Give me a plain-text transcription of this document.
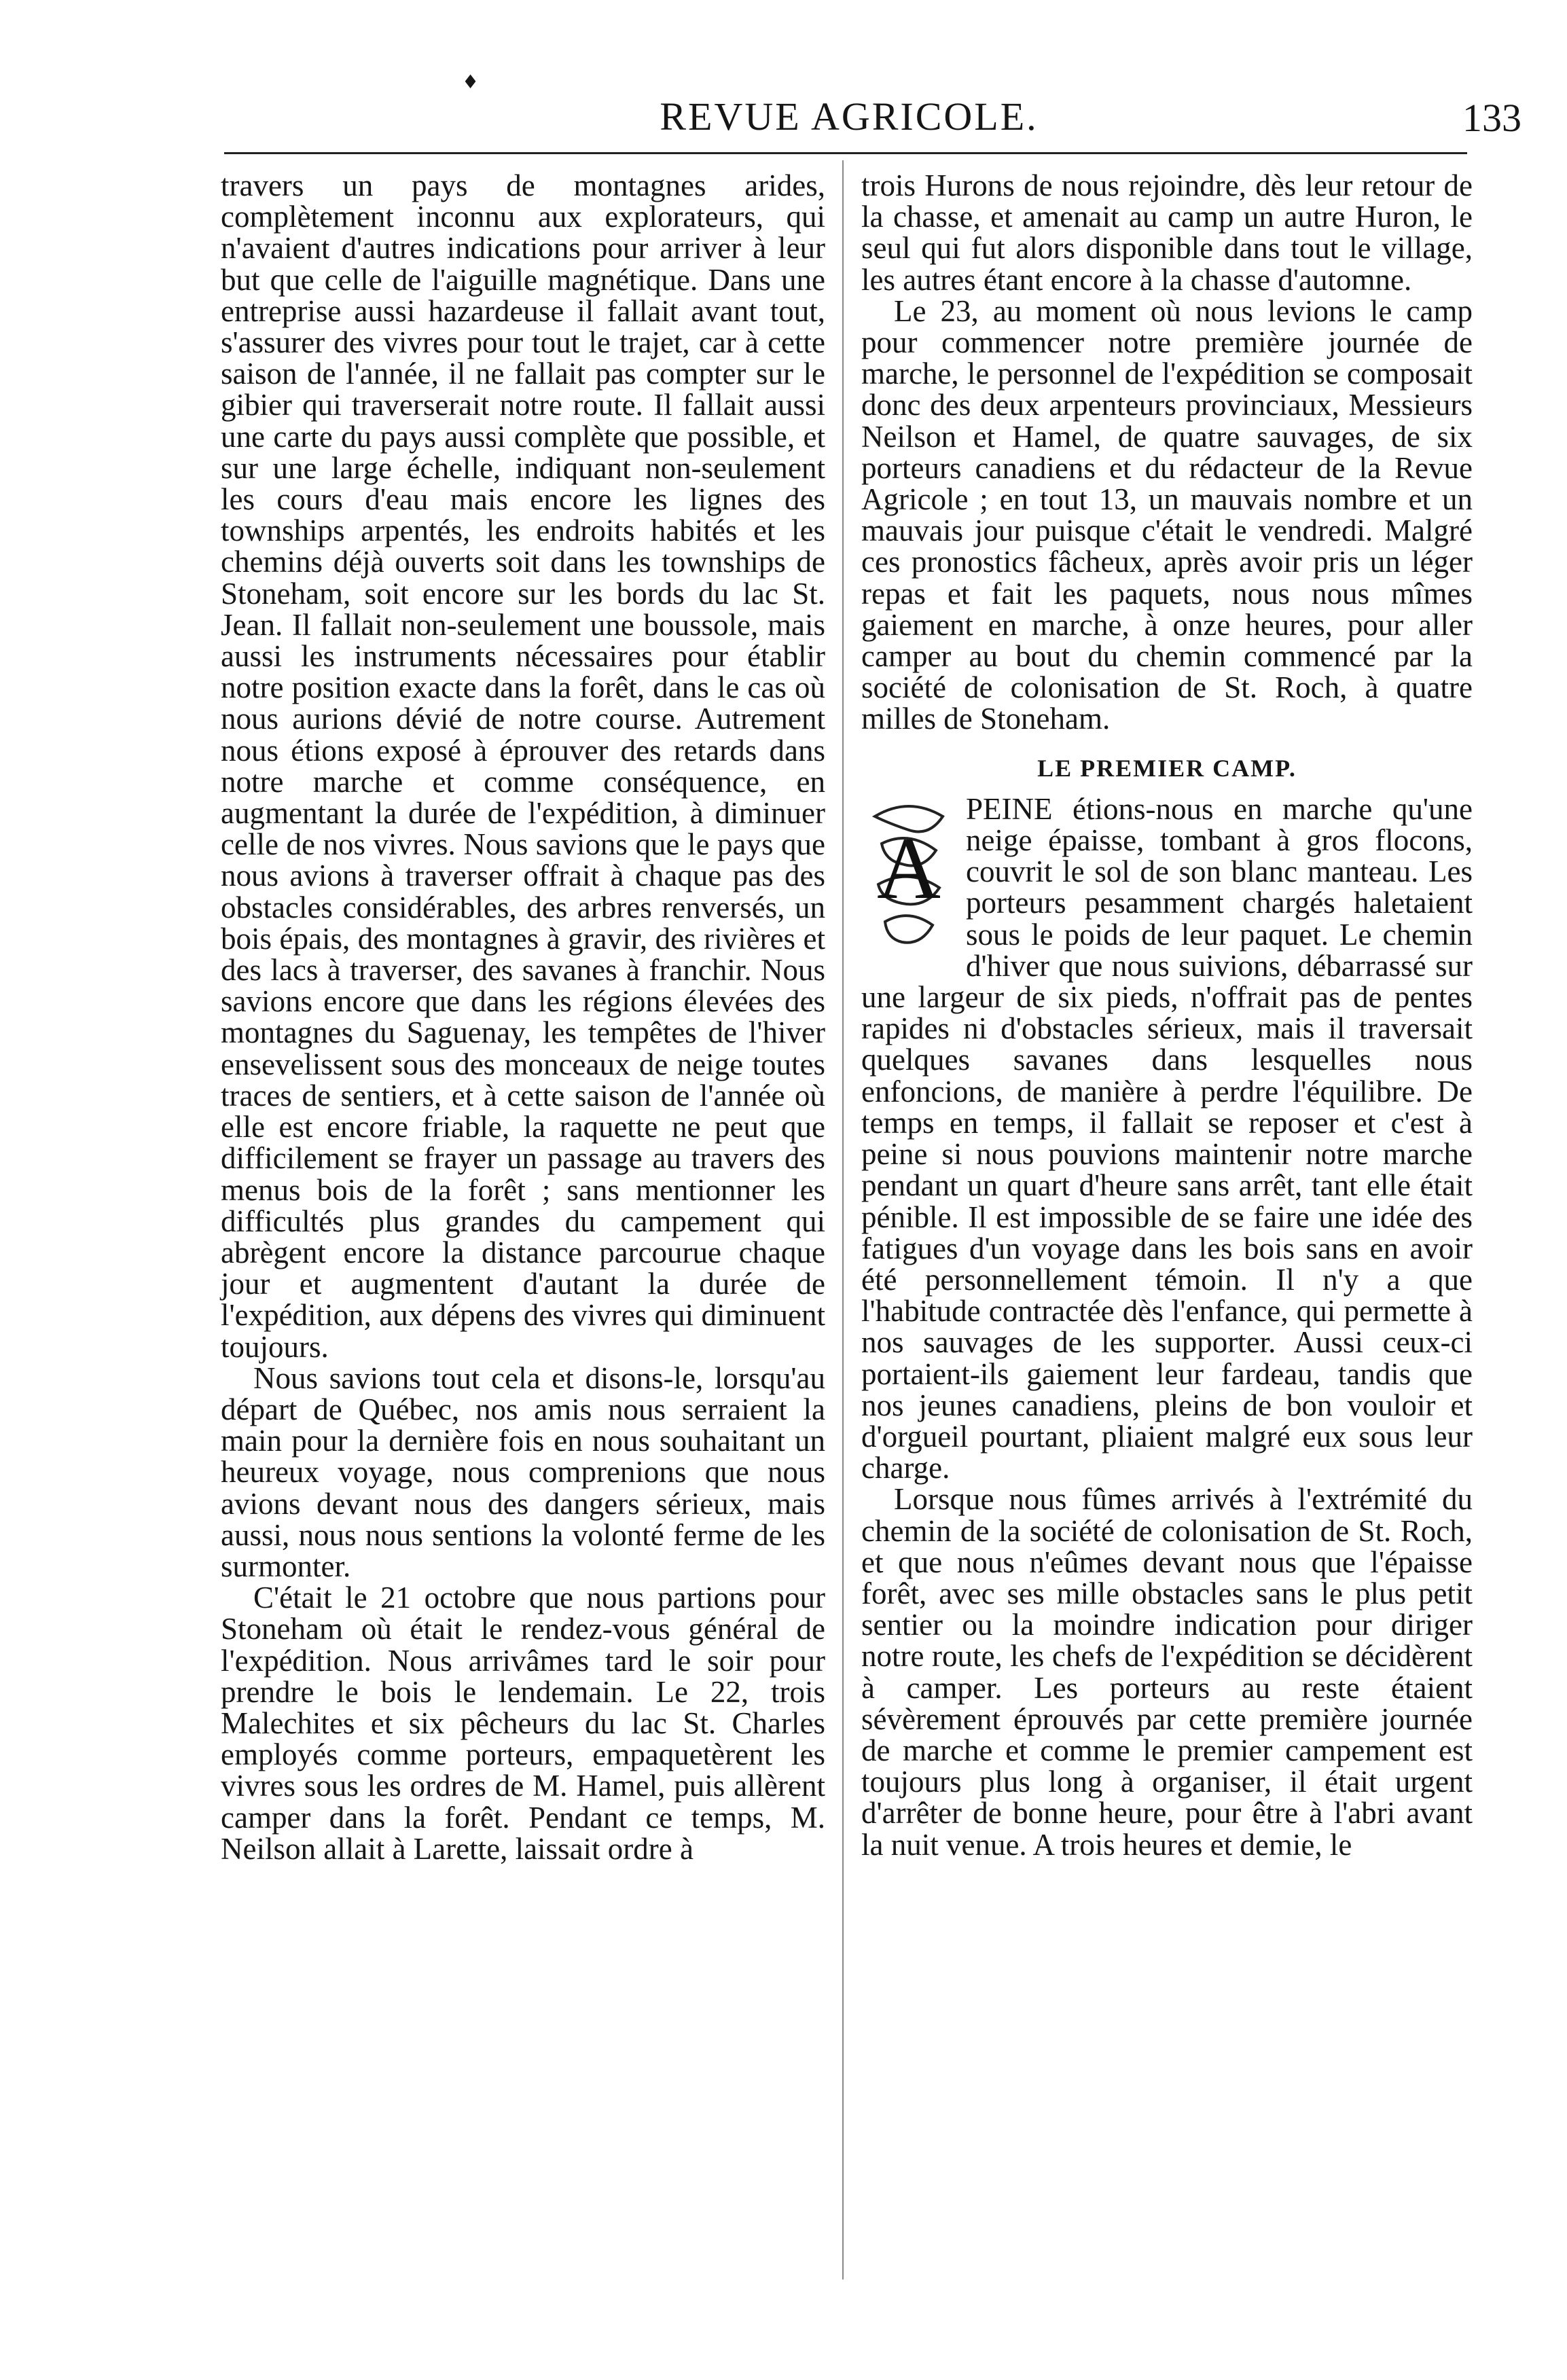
♦
REVUE AGRICOLE.	133

travers un pays de montagnes arides, complètement inconnu aux explorateurs, qui n'avaient d'autres indications pour arriver à leur but que celle de l'aiguille magnétique. Dans une entreprise aussi hazardeuse il fallait avant tout, s'assurer des vivres pour tout le trajet, car à cette saison de l'année, il ne fallait pas compter sur le gibier qui traverserait notre route. Il fallait aussi une carte du pays aussi complète que possible, et sur une large échelle, indiquant non-seulement les cours d'eau mais encore les lignes des townships arpentés, les endroits habités et les chemins déjà ouverts soit dans les townships de Stoneham, soit encore sur les bords du lac St. Jean. Il fallait non-seulement une boussole, mais aussi les instruments nécessaires pour établir notre position exacte dans la forêt, dans le cas où nous aurions dévié de notre course. Autrement nous étions exposé à éprouver des retards dans notre marche et comme conséquence, en augmentant la durée de l'expédition, à diminuer celle de nos vivres. Nous savions que le pays que nous avions à traverser offrait à chaque pas des obstacles considérables, des arbres renversés, un bois épais, des montagnes à gravir, des rivières et des lacs à traverser, des savanes à franchir. Nous savions encore que dans les régions élevées des montagnes du Saguenay, les tempêtes de l'hiver ensevelissent sous des monceaux de neige toutes traces de sentiers, et à cette saison de l'année où elle est encore friable, la raquette ne peut que difficilement se frayer un passage au travers des menus bois de la forêt ; sans mentionner les difficultés plus grandes du campement qui abrègent encore la distance parcourue chaque jour et augmentent d'autant la durée de l'expédition, aux dépens des vivres qui diminuent toujours.

Nous savions tout cela et disons-le, lorsqu'au départ de Québec, nos amis nous serraient la main pour la dernière fois en nous souhaitant un heureux voyage, nous comprenions que nous avions devant nous des dangers sérieux, mais aussi, nous nous sentions la volonté ferme de les surmonter.

C'était le 21 octobre que nous partions pour Stoneham où était le rendez-vous général de l'expédition. Nous arrivâmes tard le soir pour prendre le bois le lendemain. Le 22, trois Malechites et six pêcheurs du lac St. Charles employés comme porteurs, empaquetèrent les vivres sous les ordres de M. Hamel, puis allèrent camper dans la forêt. Pendant ce temps, M. Neilson allait à Larette, laissait ordre à

trois Hurons de nous rejoindre, dès leur retour de la chasse, et amenait au camp un autre Huron, le seul qui fut alors disponible dans tout le village, les autres étant encore à la chasse d'automne.

Le 23, au moment où nous levions le camp pour commencer notre première journée de marche, le personnel de l'expédition se composait donc des deux arpenteurs provinciaux, Messieurs Neilson et Hamel, de quatre sauvages, de six porteurs canadiens et du rédacteur de la Revue Agricole ; en tout 13, un mauvais nombre et un mauvais jour puisque c'était le vendredi. Malgré ces pronostics fâcheux, après avoir pris un léger repas et fait les paquets, nous nous mîmes gaiement en marche, à onze heures, pour aller camper au bout du chemin commencé par la société de colonisation de St. Roch, à quatre milles de Stoneham.

LE PREMIER CAMP.

A

PEINE étions-nous en marche qu'une neige épaisse, tombant à gros flocons, couvrit le sol de son blanc manteau. Les porteurs pesamment chargés haletaient sous le poids de leur paquet. Le chemin d'hiver que nous suivions, débarrassé sur une largeur de six pieds, n'offrait pas de pentes rapides ni d'obstacles sérieux, mais il traversait quelques savanes dans lesquelles nous enfoncions, de manière à perdre l'équilibre. De temps en temps, il fallait se reposer et c'est à peine si nous pouvions maintenir notre marche pendant un quart d'heure sans arrêt, tant elle était pénible. Il est impossible de se faire une idée des fatigues d'un voyage dans les bois sans en avoir été personnellement témoin. Il n'y a que l'habitude contractée dès l'enfance, qui permette à nos sauvages de les supporter. Aussi ceux-ci portaient-ils gaiement leur fardeau, tandis que nos jeunes canadiens, pleins de bon vouloir et d'orgueil pourtant, pliaient malgré eux sous leur charge.

Lorsque nous fûmes arrivés à l'extrémité du chemin de la société de colonisation de St. Roch, et que nous n'eûmes devant nous que l'épaisse forêt, avec ses mille obstacles sans le plus petit sentier ou la moindre indication pour diriger notre route, les chefs de l'expédition se décidèrent à camper. Les porteurs au reste étaient sévèrement éprouvés par cette première journée de marche et comme le premier campement est toujours plus long à organiser, il était urgent d'arrêter de bonne heure, pour être à l'abri avant la nuit venue. A trois heures et demie, le
